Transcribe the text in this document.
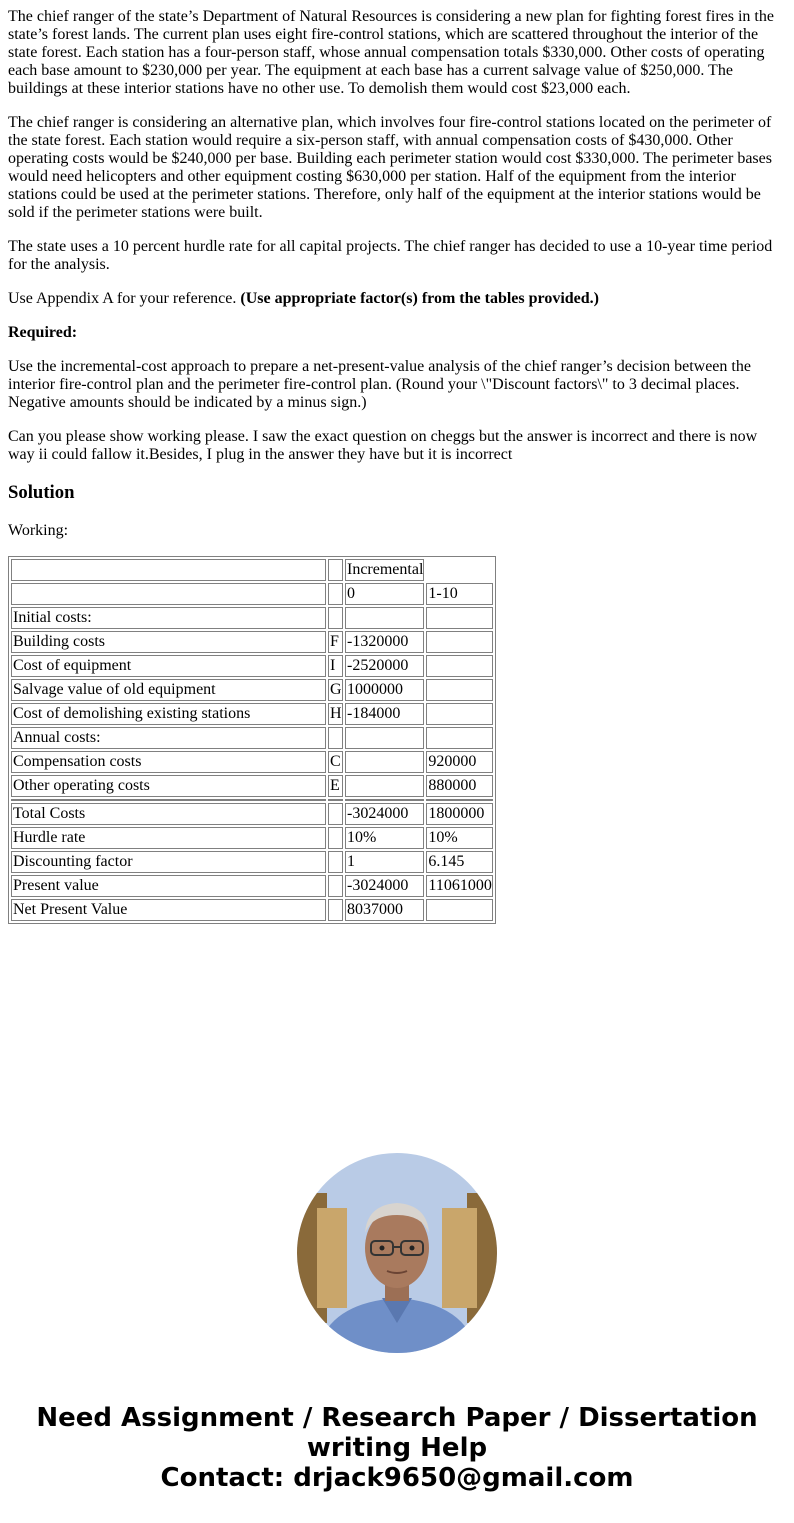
The chief ranger of the state’s Department of Natural Resources is considering a new plan for fighting forest fires in the state’s forest lands. The current plan uses eight fire-control stations, which are scattered throughout the interior of the state forest. Each station has a four-person staff, whose annual compensation totals $330,000. Other costs of operating each base amount to $230,000 per year. The equipment at each base has a current salvage value of $250,000. The buildings at these interior stations have no other use. To demolish them would cost $23,000 each.

The chief ranger is considering an alternative plan, which involves four fire-control stations located on the perimeter of the state forest. Each station would require a six-person staff, with annual compensation costs of $430,000. Other operating costs would be $240,000 per base. Building each perimeter station would cost $330,000. The perimeter bases would need helicopters and other equipment costing $630,000 per station. Half of the equipment from the interior stations could be used at the perimeter stations. Therefore, only half of the equipment at the interior stations would be sold if the perimeter stations were built.

The state uses a 10 percent hurdle rate for all capital projects. The chief ranger has decided to use a 10-year time period for the analysis.

Use Appendix A for your reference. (Use appropriate factor(s) from the tables provided.)

Required:

Use the incremental-cost approach to prepare a net-present-value analysis of the chief ranger’s decision between the interior fire-control plan and the perimeter fire-control plan. (Round your \"Discount factors\" to 3 decimal places. Negative amounts should be indicated by a minus sign.)

Can you please show working please. I saw the exact question on cheggs but the answer is incorrect and there is now way ii could fallow it.Besides, I plug in the answer they have but it is incorrect

Solution

Working:

		Incremental	
		0	1-10
Initial costs:			
Building costs	F	-1320000	
Cost of equipment	I	-2520000	
Salvage value of old equipment	G	1000000	
Cost of demolishing existing stations	H	-184000	
Annual costs:			
Compensation costs	C		920000
Other operating costs	E		880000

Total Costs		-3024000	1800000
Hurdle rate		10%	10%
Discounting factor		1	6.145
Present value		-3024000	11061000
Net Present Value		8037000	
Need Assignment / Research Paper / Dissertation
writing Help
Contact: drjack9650@gmail.com
